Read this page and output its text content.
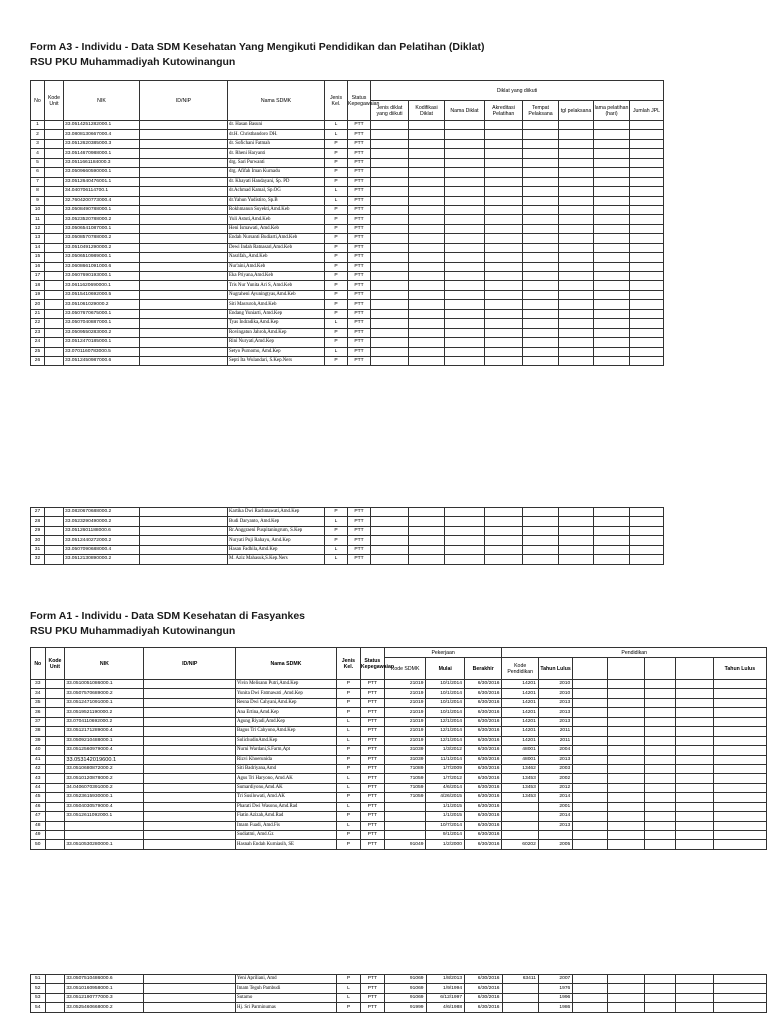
Form A3 - Individu - Data SDM Kesehatan Yang Mengikuti Pendidikan dan Pelatihan (Diklat)
RSU PKU Muhammadiyah Kutowinangun
No	Kode Unit	NIK	ID/NIP	Nama SDMK	Jenis Kel.	Status Kepegawaian	Diklat yang diikuti							
							Jenis diklat yang diikuti	Kodifikasi Diklat	Nama Diklat	Akreditasi Pelatihan	Tempat Pelaksana	tgl pelaksana	lama pelatihan (hari)	Jumlah JPL
1		33.0514251282000.1		dr. Hasan Basuni	L	PTT								
2		33.0808130667000.4		dr.H. Christbandoro DH.	L	PTT								
3		33.0512620385000.3		dr. Sofichani Fatmah	P	PTT								
4		33.0514670988000.1		dr. Rheni Haryanti	P	PTT								
5		33.0511661184000.3		drg. Sari Purwanti	P	PTT								
6		33.0509660590000.1		drg. Afifah Iman Kurnadu	P	PTT								
7		33.0512640476001.1		dr. Khayati Handayani, Sp. PD	P	PTT								
8		34.040706114700.1		dr.Achmad Kamal, Sp.OG	L	PTT								
9		32.7604200773000.4		dr.Yahun Yudistiro, Sp.B	L	PTT								
10		33.0508490788000.1		Rokhmanun Suyekti,Amd.Keb	P	PTT								
11		33.0523520788000.2		Yuli Astuti,Amd.Keb	P	PTT								
12		33.0506541087000.1		Heni Ismawati, Amd.Keb	P	PTT								
13		33.0508570788000.2		Endah Nursanti Budiarti,Amd.Keb	P	PTT								
14		33.0510491290000.2		Dewi Indah Ratnasari,Amd.Keb	P	PTT								
15		33.0506510989000.1		Nasrifah,,Amd.Keb	P	PTT								
16		33.0608661091000.6		Nur'aini,Amd.Keb	P	PTT								
17		33.0607690193000.1		Eka Priyana,Amd.Keb	P	PTT								
18		33.0611620690000.1		Tris Nur Yunita Ari S, Amd.Keb	P	PTT								
19		33.0515410692000.5		Nugraheni Ayuningtyas,Amd.Keb	P	PTT								
20		33.051061029000.2		Siti Masruroh,Amd.Keb	P	PTT								
21		33.0507670675000.1		Endang Yuniarti, Amd.Kep	P	PTT								
22		33.0507040887000.1		Tyas Indradika,Amd.Kep	L	PTT								
23		33.0509550283000.2		Rovingatun Jahroh,Amd.Kep	P	PTT								
24		33.0512470185000.1		Rini Nuryati,Amd.Kep	P	PTT								
25		33.0701160783000.5		Setyo Purnomo, Amd.Kep	L	PTT								
26		33.0512450987000.6		Septi Ita Wulandari, S.Kep.Ners	P	PTT								
27		33.0820670688000.2		Kartika Dwi Rachmawati,Amd.Kep	P	PTT								
28		33.0523290490000.2		Budi Daryanto, Amd.Kep	L	PTT								
29		33.0512601188000.6		Rr.Anggraeni Puspitaningrum, S.Kep	P	PTT								
30		33.0512440272000.2		Nuryati Puji Rahayu, Amd.Kep	P	PTT								
31		33.0507090688000.4		Hasan Fadhila,Amd.Kep	L	PTT								
32		33.0512130890000.2		M. Aziz Mahasuk,S.Kep.Ners	L	PTT								
Form A1 - Individu - Data SDM Kesehatan di Fasyankes
RSU PKU Muhammadiyah Kutowinangun
No	Kode Unit	NIK	ID/NIP	Nama SDMK	Jenis Kel.	Status Kepegawaian	Pekerjaan			Pendidikan						
							Kode SDMK	Mulai	Berakhir	Kode Pendidikan	Tahun Lulus					Tahun Lulus
33		33.0510051086000.1		Vivin Melisann Putri,Amd.Kep	P	PTT	21019	10/1/2014	6/30/2016	14201	2010					
34		33.0507570689000.2		Yunita Dwi Fatmawati ,Amd.Kep	P	PTT	21019	10/1/2014	6/30/2016	14201	2010					
35		33.0512471091000.1		Resna Dwi Cahyani,Amd.Kep	P	PTT	21019	10/1/2014	6/30/2016	14201	2013					
36		33.0519521190000.2		Ana Ertina,Amd.Kep	P	PTT	21019	10/1/2014	6/30/2016	14201	2013					
37		33.0704110692000.2		Agung Riyadi,Amd.Kep	L	PTT	21019	12/1/2014	6/30/2016	14201	2013					
38		33.0512171289000.4		Bagus Tri Cahyono,Amd.Kep	L	PTT	21019	12/1/2014	6/30/2016	14201	2011					
39		33.0509210488000.1		SolichudinAmd.Kep	L	PTT	21019	12/1/2014	6/30/2016	14201	2011					
40		33.0512560979000.4		Nurni Wardani,S.Farm,Apt	P	PTT	31039	1/3/2012	6/30/2016	48001	2004					
41		33.053142019600.1		Rizvi Khoerunida	P	PTT	31039	11/1/2014	6/30/2016	48001	2013					
42		33.0510680872000.2		Siti Badriyana,Amd	P	PTT	71089	1/7/2009	6/30/2016	13462	2003					
43		33.0510120878000.2		Agus Tri Haryono, Amd.AK	L	PTT	71059	1/7/2012	6/30/2016	13453	2002					
44		34.0406070391000.2		Sumardiyono,Amd.AK	L	PTT	71059	4/6/2014	6/30/2016	13453	2012					
45		33.0523615930000.1		Tri Susilowati, Amd.AK	P	PTT	71059	4/26/2015	6/30/2016	13453	2014					
46		33.0504030579000.4		Pharati Dwi Wasono,Amd.Rad	L	PTT		1/1/2015	6/30/2016		2001					
47		33.0512611092000.1		Fiatin Azizah,Amd.Rad	P	PTT		1/1/2015	6/30/2016		2014					
48				Imam Fuadi, Amd.Fis	L	PTT		10/7/2014	6/30/2016		2013					
49				Sudiatmi, Amd.Gz	P	PTT		9/1/2014	6/30/2016							
50		33.0510530280000.1		Hasnah Endah Kurniasih, SE	P	PTT	91049	1/2/2000	6/30/2016	60202	2005					
51		33.0507510486000.6		Yeni Apriliani, Amd	P	PTT	91069	1/8/2013	6/30/2016	63411	2007					
52		33.0510160958000.1		Imam Teguh Pambudi	L	PTT	91069	1/9/1994	6/30/2016		1976					
53		33.0512190777000.3		Sutarno	L	PTT	91069	6/12/1997	6/30/2016		1996					
54		33.0525460668000.2		Hj. Sri Parminumas	P	PTT	91999	4/6/1988	6/30/2016		1986					
